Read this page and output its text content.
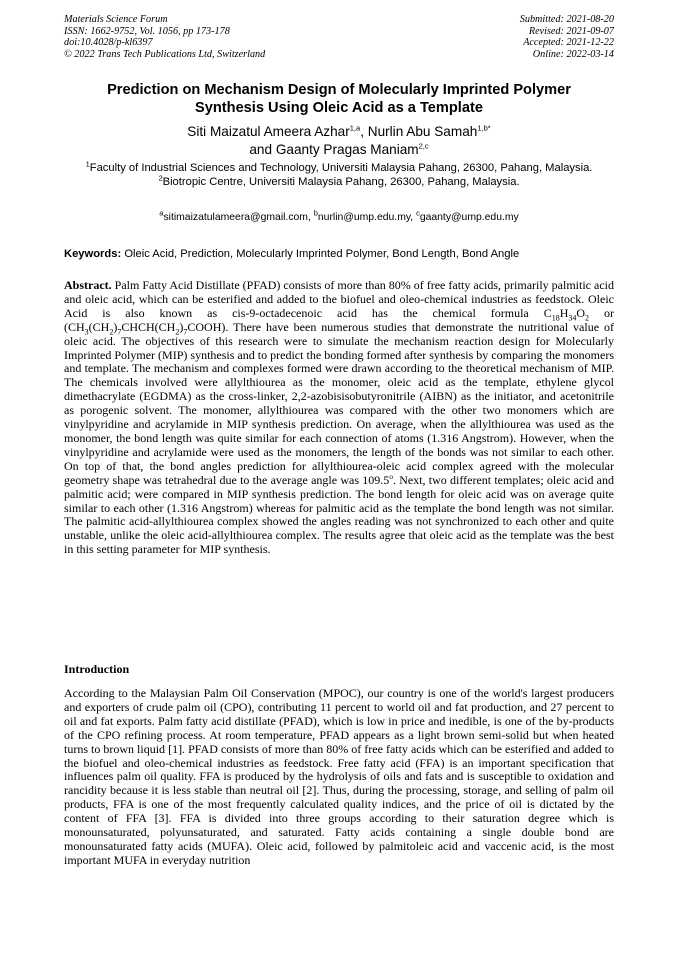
Materials Science Forum
ISSN: 1662-9752, Vol. 1056, pp 173-178
doi:10.4028/p-kl6397
© 2022 Trans Tech Publications Ltd, Switzerland
Submitted: 2021-08-20
Revised: 2021-09-07
Accepted: 2021-12-22
Online: 2022-03-14
Prediction on Mechanism Design of Molecularly Imprinted Polymer
Synthesis Using Oleic Acid as a Template
Siti Maizatul Ameera Azhar$^{1,a}$, Nurlin Abu Samah$^{1,b*}$
and Gaanty Pragas Maniam$^{2,c}$

$^1$Faculty of Industrial Sciences and Technology, Universiti Malaysia Pahang, 26300, Pahang, Malaysia.

$^2$Biotropic Centre, Universiti Malaysia Pahang, 26300, Pahang, Malaysia.

$^a$sitimaizatulameera@gmail.com, $^b$nurlin@ump.edu.my, $^c$gaanty@ump.edu.my
Keywords: Oleic Acid, Prediction, Molecularly Imprinted Polymer, Bond Length, Bond Angle

Abstract. Palm Fatty Acid Distillate (PFAD) consists of more than 80% of free fatty acids, primarily palmitic acid and oleic acid, which can be esterified and added to the biofuel and oleo-chemical industries as feedstock. Oleic Acid is also known as cis-9-octadecenoic acid has the chemical formula $C_{18}H_{34}O_2$ or $(CH_3(CH_2)_7CHCH(CH_2)_7COOH)$. There have been numerous studies that demonstrate the nutritional value of oleic acid. The objectives of this research were to simulate the mechanism reaction design for Molecularly Imprinted Polymer (MIP) synthesis and to predict the bonding formed after synthesis by comparing the monomers and template. The mechanism and complexes formed were drawn according to the theoretical mechanism of MIP. The chemicals involved were allylthiourea as the monomer, oleic acid as the template, ethylene glycol dimethacrylate (EGDMA) as the cross-linker, 2,2-azobisisobutyronitrile (AIBN) as the initiator, and acetonitrile as porogenic solvent. The monomer, allylthiourea was compared with the other two monomers which are vinylpyridine and acrylamide in MIP synthesis prediction. On average, when the allylthiourea was used as the monomer, the bond length was quite similar for each connection of atoms (1.316 Angstrom). However, when the vinylpyridine and acrylamide were used as the monomers, the length of the bonds was not similar to each other. On top of that, the bond angles prediction for allylthiourea-oleic acid complex agreed with the molecular geometry shape was tetrahedral due to the average angle was 109.5$^o$. Next, two different templates; oleic acid and palmitic acid; were compared in MIP synthesis prediction. The bond length for oleic acid was on average quite similar to each other (1.316 Angstrom) whereas for palmitic acid as the template the bond length was not similar. The palmitic acid-allylthiourea complex showed the angles reading was not synchronized to each other and quite unstable, unlike the oleic acid-allylthiourea complex. The results agree that oleic acid as the template was the best in this setting parameter for MIP synthesis.

Introduction

According to the Malaysian Palm Oil Conservation (MPOC), our country is one of the world's largest producers and exporters of crude palm oil (CPO), contributing 11 percent to world oil and fat production, and 27 percent to oil and fat exports. Palm fatty acid distillate (PFAD), which is low in price and inedible, is one of the by-products of the CPO refining process. At room temperature, PFAD appears as a light brown semi-solid but when heated turns to brown liquid [1]. PFAD consists of more than 80% of free fatty acids which can be esterified and added to the biofuel and oleo-chemical industries as feedstock. Free fatty acid (FFA) is an important specification that influences palm oil quality. FFA is produced by the hydrolysis of oils and fats and is susceptible to oxidation and rancidity because it is less stable than neutral oil [2]. Thus, during the processing, storage, and selling of palm oil products, FFA is one of the most frequently calculated quality indices, and the price of oil is dictated by the content of FFA [3]. FFA is divided into three groups according to their saturation degree which is monounsaturated, polyunsaturated, and saturated. Fatty acids containing a single double bond are monounsaturated fatty acids (MUFA). Oleic acid, followed by palmitoleic acid and vaccenic acid, is the most important MUFA in everyday nutrition
